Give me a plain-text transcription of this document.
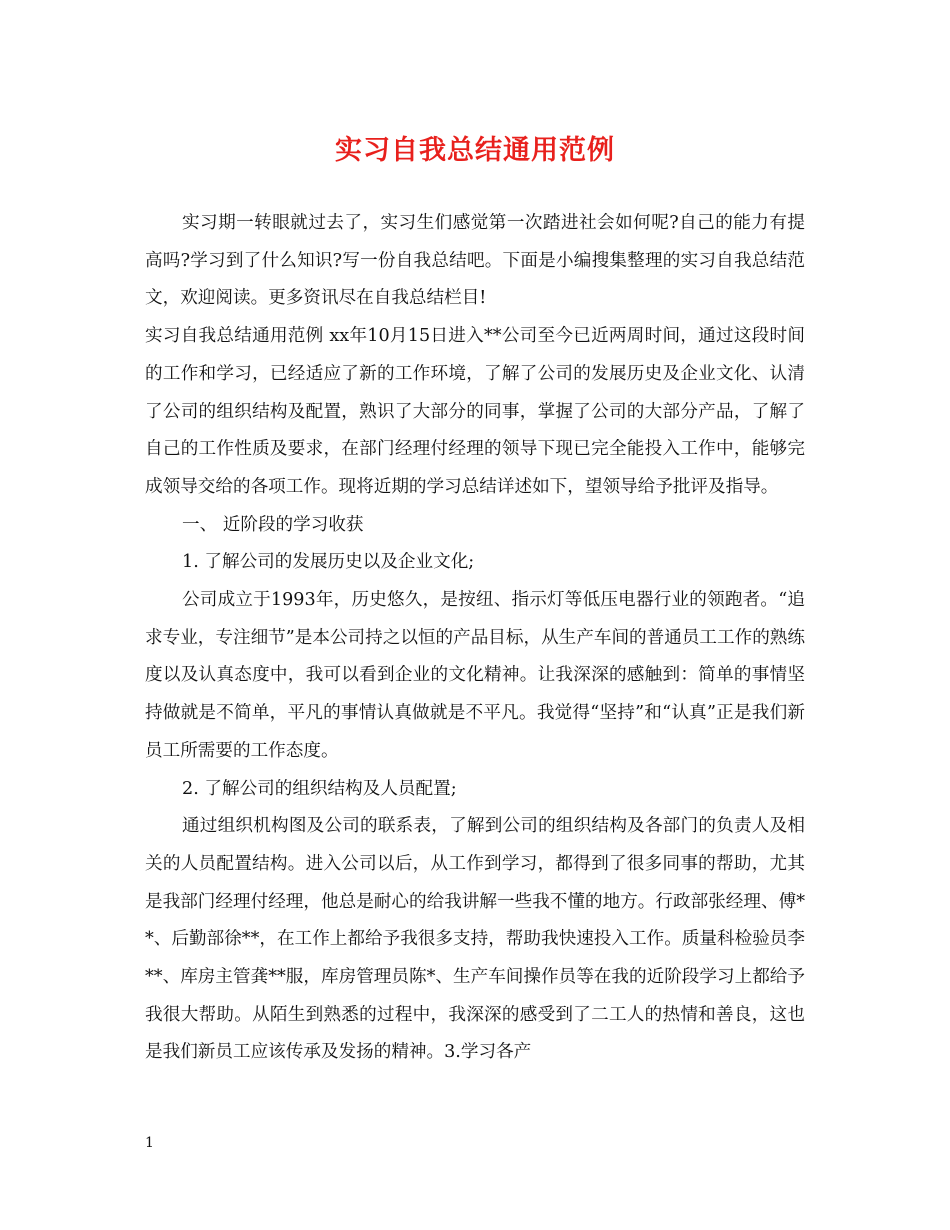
实习自我总结通用范例

实习期一转眼就过去了，实习生们感觉第一次踏进社会如何呢?自己的能力有提高吗?学习到了什么知识?写一份自我总结吧。下面是小编搜集整理的实习自我总结范文，欢迎阅读。更多资讯尽在自我总结栏目!

实习自我总结通用范例 xx年10月15日进入**公司至今已近两周时间，通过这段时间的工作和学习，已经适应了新的工作环境，了解了公司的发展历史及企业文化、认清了公司的组织结构及配置，熟识了大部分的同事，掌握了公司的大部分产品，了解了自己的工作性质及要求，在部门经理付经理的领导下现已完全能投入工作中，能够完成领导交给的各项工作。现将近期的学习总结详述如下，望领导给予批评及指导。

一、 近阶段的学习收获

1. 了解公司的发展历史以及企业文化;

公司成立于1993年，历史悠久，是按纽、指示灯等低压电器行业的领跑者。“追求专业，专注细节”是本公司持之以恒的产品目标，从生产车间的普通员工工作的熟练度以及认真态度中，我可以看到企业的文化精神。让我深深的感触到：简单的事情坚持做就是不简单，平凡的事情认真做就是不平凡。我觉得“坚持”和“认真”正是我们新员工所需要的工作态度。

2. 了解公司的组织结构及人员配置;

通过组织机构图及公司的联系表，了解到公司的组织结构及各部门的负责人及相关的人员配置结构。进入公司以后，从工作到学习，都得到了很多同事的帮助，尤其是我部门经理付经理，他总是耐心的给我讲解一些我不懂的地方。行政部张经理、傅**、后勤部徐**，在工作上都给予我很多支持，帮助我快速投入工作。质量科检验员李**、库房主管龚**服，库房管理员陈*、生产车间操作员等在我的近阶段学习上都给予我很大帮助。从陌生到熟悉的过程中，我深深的感受到了二工人的热情和善良，这也是我们新员工应该传承及发扬的精神。3.学习各产

1
